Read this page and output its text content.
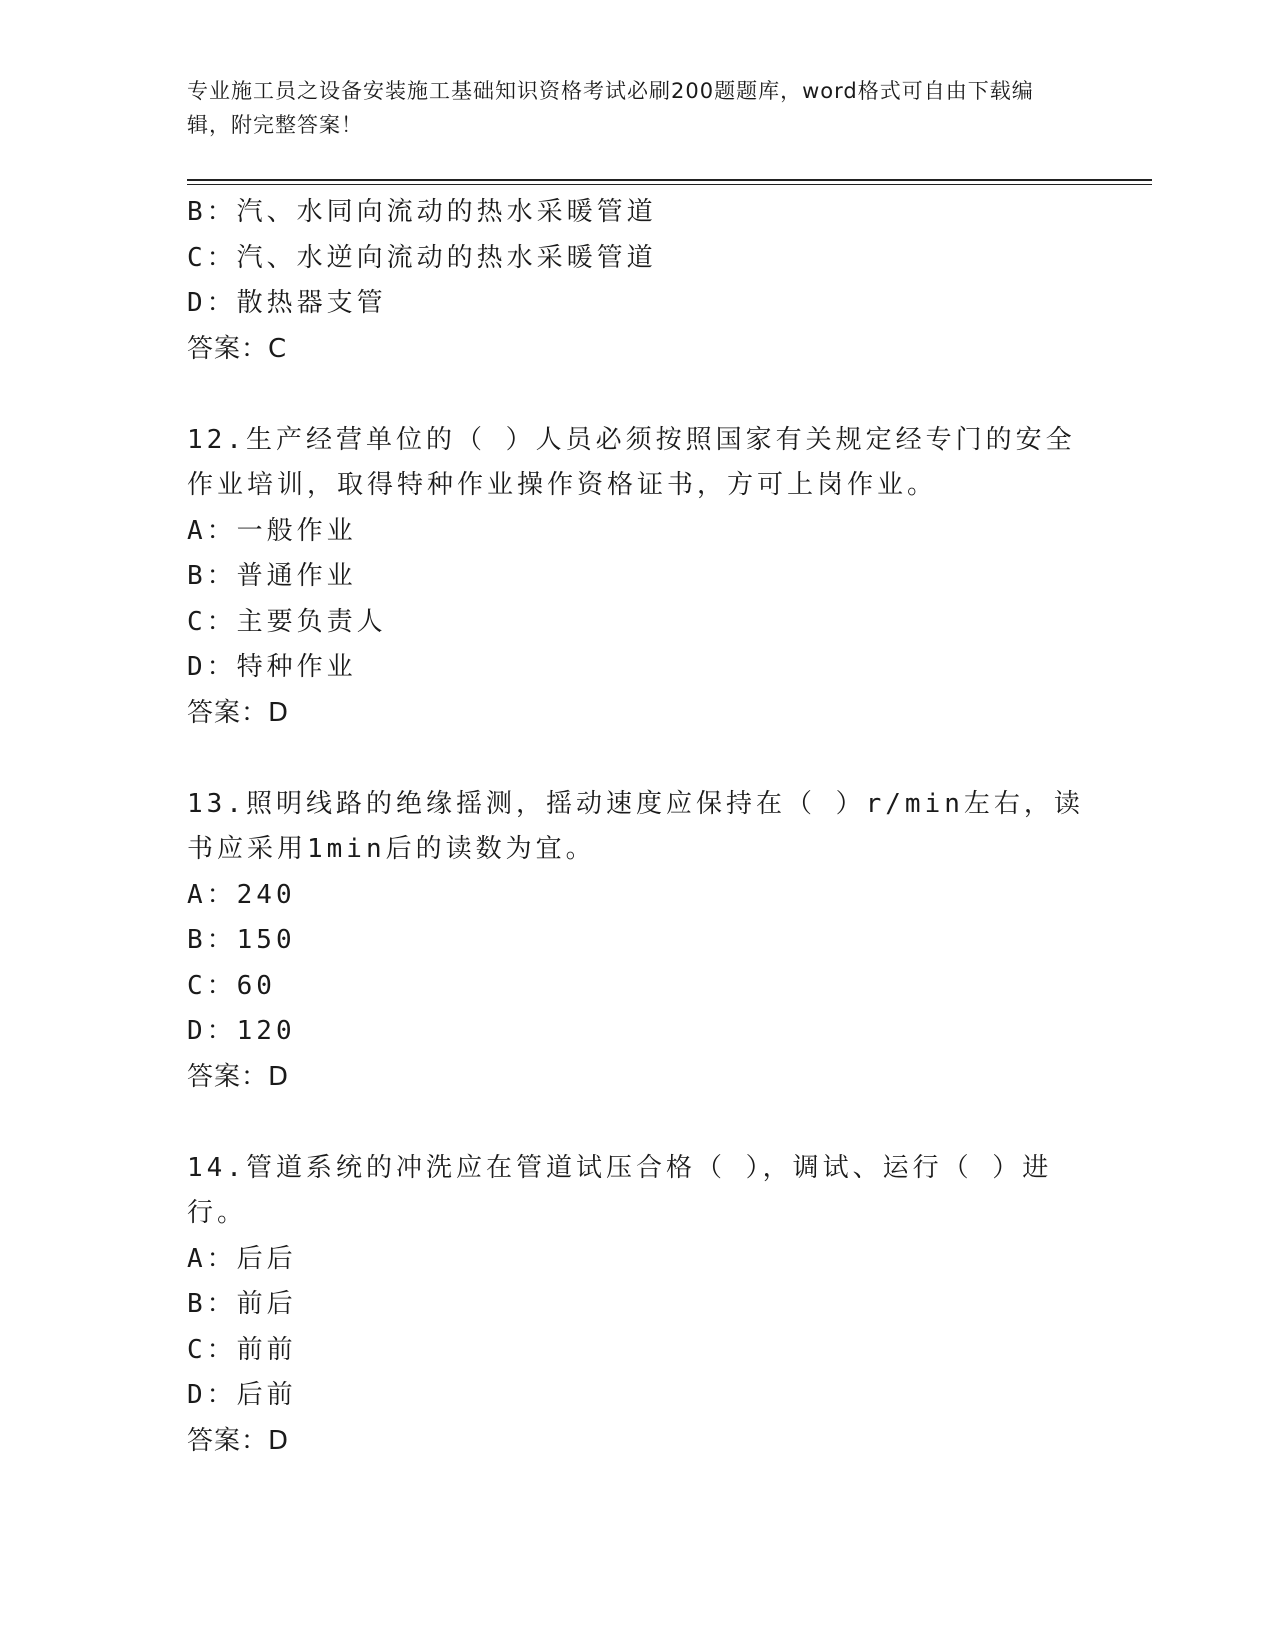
专业施工员之设备安装施工基础知识资格考试必刷200题题库，word格式可自由下载编辑，附完整答案！
B：汽、水同向流动的热水采暖管道
C：汽、水逆向流动的热水采暖管道
D：散热器支管
答案：C
12.生产经营单位的（ ）人员必须按照国家有关规定经专门的安全作业培训，取得特种作业操作资格证书，方可上岗作业。
A：一般作业
B：普通作业
C：主要负责人
D：特种作业
答案：D
13.照明线路的绝缘摇测，摇动速度应保持在（ ）r/min左右，读书应采用1min后的读数为宜。
A：240
B：150
C：60
D：120
答案：D
14.管道系统的冲洗应在管道试压合格（ ），调试、运行（ ）进行。
A：后后
B：前后
C：前前
D：后前
答案：D
